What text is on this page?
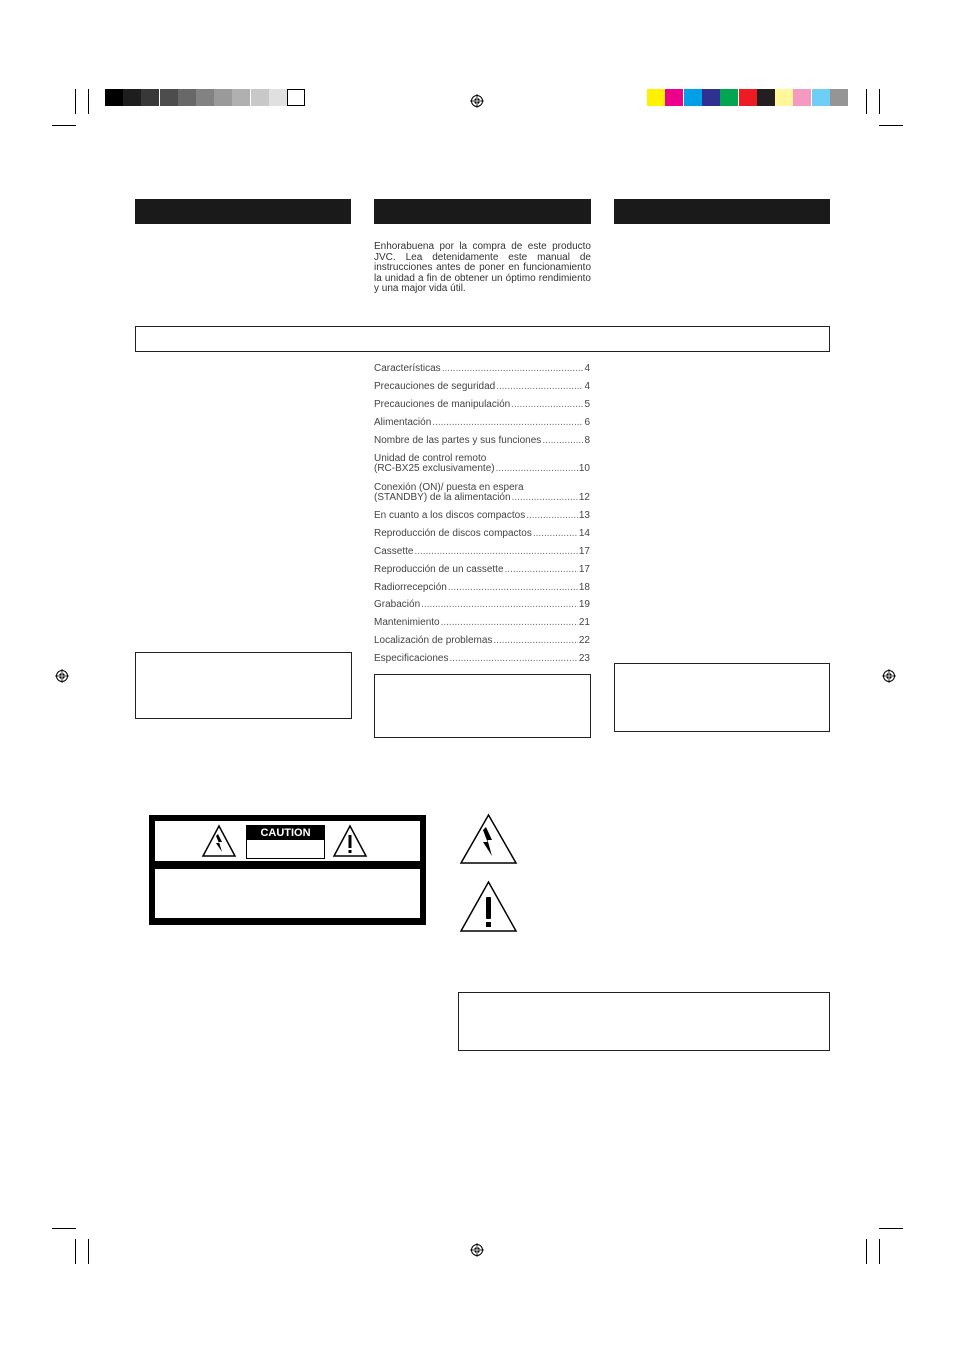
Enhorabuena por la compra de este producto JVC. Lea detenidamente este manual de instrucciones antes de poner en funcionamiento la unidad a fin de obtener un óptimo rendimiento y una major vida útil.
Características .....	4
Precauciones de seguridad .....	4
Precauciones de manipulación .....	5
Alimentación .....	6
Nombre de las partes y sus funciones .....	8
Unidad de control remoto
(RC-BX25 exclusivamente) .....	10
Conexión (ON)/ puesta en espera
(STANDBY) de la alimentación .....	12
En cuanto a los discos compactos .....	13
Reproducción de discos compactos .....	14
Cassette .....	17
Reproducción de un cassette .....	17
Radiorrecepción .....	18
Grabación .....	19
Mantenimiento .....	21
Localización de problemas .....	22
Especificaciones .....	23
CAUTION
